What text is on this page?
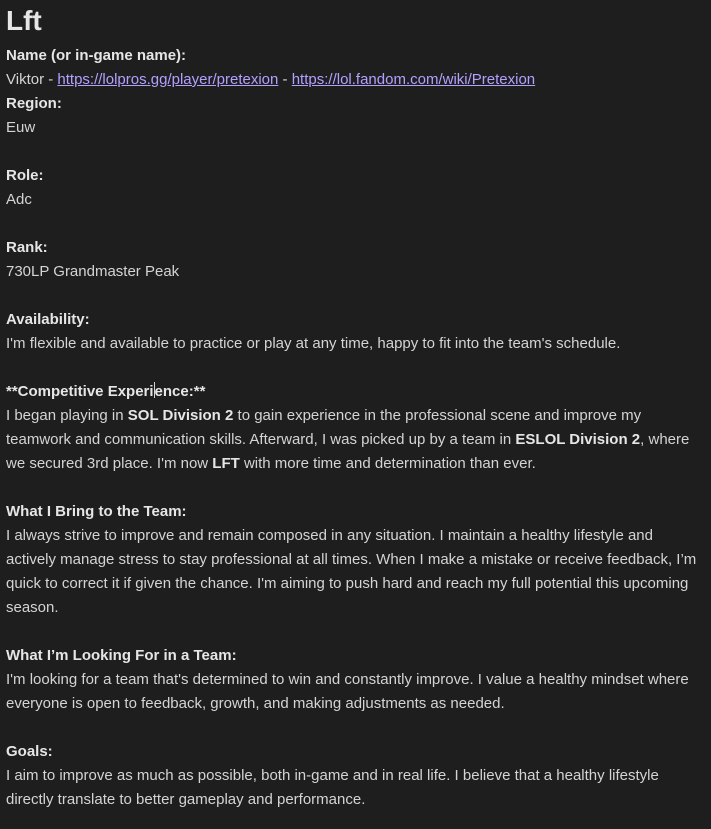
Lft
Name (or in-game name):
Viktor - https://lolpros.gg/player/pretexion - https://lol.fandom.com/wiki/Pretexion
Region:
Euw
Role:
Adc
Rank:
730LP Grandmaster Peak
Availability:
I'm flexible and available to practice or play at any time, happy to fit into the team's schedule.
**Competitive Experience:**
I began playing in SOL Division 2 to gain experience in the professional scene and improve my teamwork and communication skills. Afterward, I was picked up by a team in ESLOL Division 2, where we secured 3rd place. I'm now LFT with more time and determination than ever.
What I Bring to the Team:
I always strive to improve and remain composed in any situation. I maintain a healthy lifestyle and actively manage stress to stay professional at all times. When I make a mistake or receive feedback, I’m quick to correct it if given the chance. I'm aiming to push hard and reach my full potential this upcoming season.
What I’m Looking For in a Team:
I'm looking for a team that's determined to win and constantly improve. I value a healthy mindset where everyone is open to feedback, growth, and making adjustments as needed.
Goals:
I aim to improve as much as possible, both in-game and in real life. I believe that a healthy lifestyle directly translate to better gameplay and performance.
